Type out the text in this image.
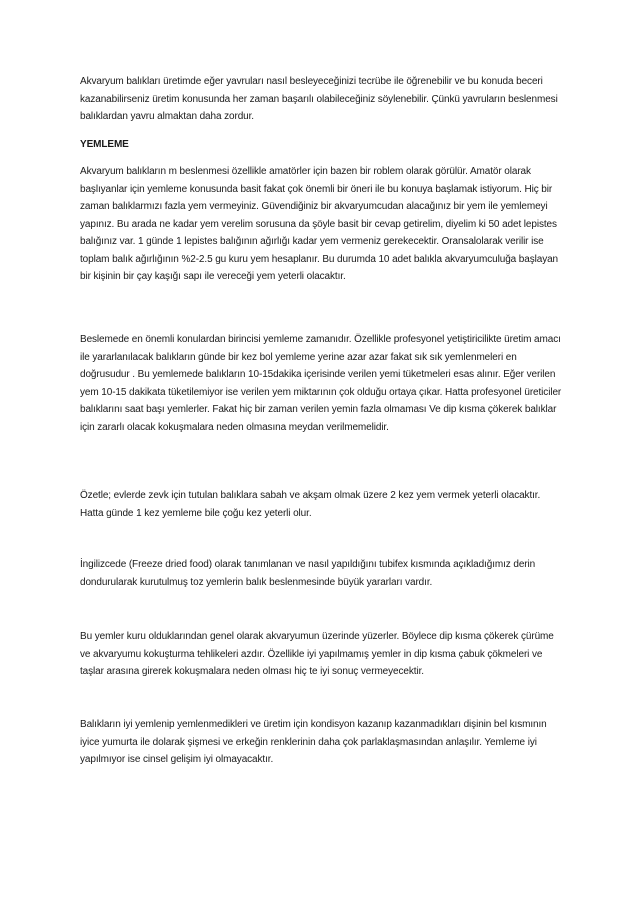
Akvaryum balıkları üretimde eğer yavruları nasıl besleyeceğinizi tecrübe ile öğrenebilir ve bu konuda beceri kazanabilirseniz üretim konusunda her zaman başarılı olabileceğiniz söylenebilir. Çünkü yavruların beslenmesi balıklardan yavru almaktan daha zordur.
YEMLEME
Akvaryum balıkların m beslenmesi özellikle amatörler için bazen bir roblem olarak görülür. Amatör olarak başlıyanlar için yemleme konusunda basit fakat çok önemli bir öneri ile bu konuya başlamak istiyorum. Hiç bir zaman balıklarmızı fazla yem vermeyiniz. Güvendiğiniz bir akvaryumcudan alacağınız bir yem ile yemlemeyi yapınız. Bu arada ne kadar yem verelim sorusuna da şöyle basit bir cevap getirelim, diyelim ki 50 adet lepistes balığınız var. 1 günde 1 lepistes balığının ağırlığı kadar yem vermeniz gerekecektir. Oransalolarak verilir ise toplam balık ağırlığının %2-2.5 gu kuru yem hesaplanır. Bu durumda 10 adet balıkla akvaryumculuğa başlayan bir kişinin bir çay kaşığı sapı ile vereceği yem yeterli olacaktır.
Beslemede en önemli konulardan birincisi yemleme zamanıdır. Özellikle profesyonel yetiştiricilikte üretim amacı ile yararlanılacak balıkların günde bir kez bol yemleme yerine azar azar fakat sık sık yemlenmeleri en doğrusudur . Bu yemlemede balıkların 10-15dakika içerisinde verilen yemi tüketmeleri esas alınır. Eğer verilen yem 10-15 dakikata tüketilemiyor ise verilen yem miktarının çok olduğu ortaya çıkar. Hatta profesyonel üreticiler balıklarını saat başı yemlerler. Fakat hiç bir zaman verilen yemin fazla olmaması Ve dip kısma çökerek balıklar için zararlı olacak kokuşmalara neden olmasına meydan verilmemelidir.
Özetle; evlerde zevk için tutulan balıklara sabah ve akşam olmak üzere 2 kez yem vermek yeterli olacaktır. Hatta günde 1 kez yemleme bile çoğu kez yeterli olur.
İngilizcede (Freeze dried food) olarak tanımlanan ve nasıl yapıldığını tubifex kısmında açıkladığımız derin dondurularak kurutulmuş toz yemlerin balık beslenmesinde büyük yararları vardır.
Bu yemler kuru olduklarından genel olarak akvaryumun üzerinde yüzerler. Böylece dip kısma çökerek çürüme ve akvaryumu kokuşturma tehlikeleri azdır. Özellikle iyi yapılmamış yemler in dip kısma çabuk çökmeleri ve taşlar arasına girerek kokuşmalara neden olması hiç te iyi sonuç vermeyecektir.
Balıkların iyi yemlenip yemlenmedikleri ve üretim için kondisyon kazanıp kazanmadıkları dişinin bel kısmının iyice yumurta ile dolarak şişmesi ve erkeğin renklerinin daha çok parlaklaşmasından anlaşılır. Yemleme iyi yapılmıyor ise cinsel gelişim iyi olmayacaktır.
